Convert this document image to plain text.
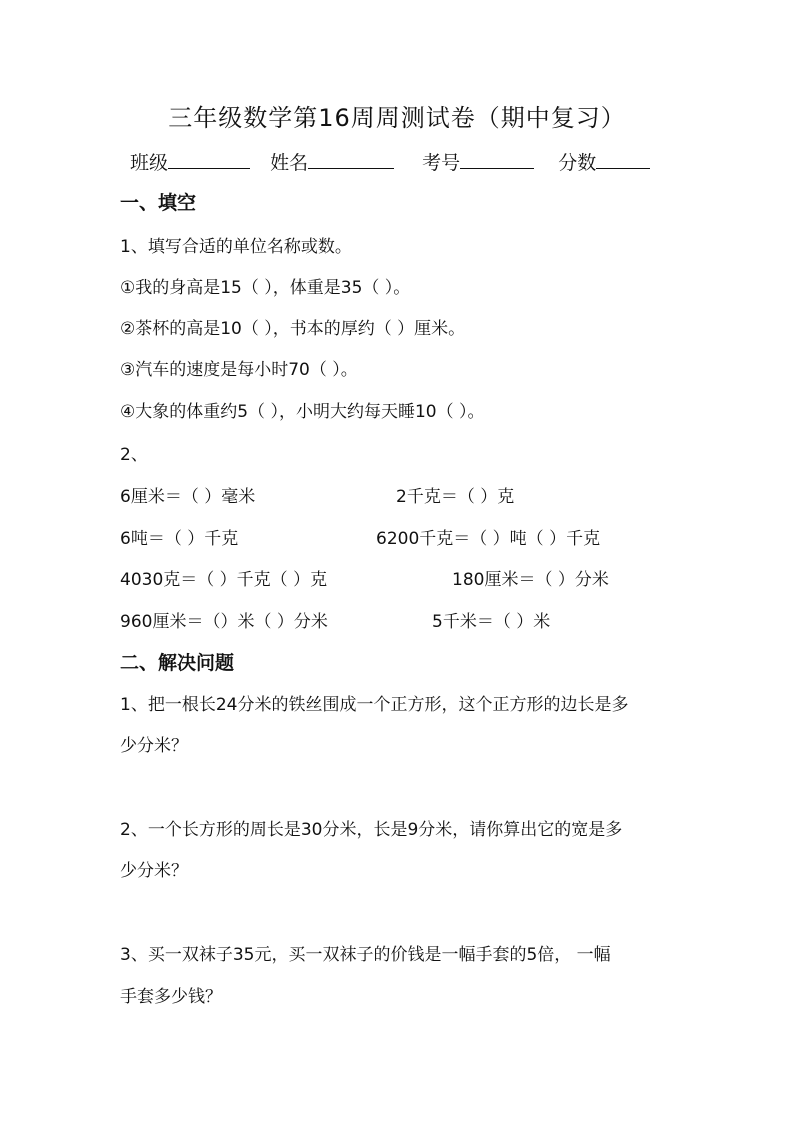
三年级数学第16周周测试卷（期中复习）
班级	姓名	考号	分数
一、填空
1、填写合适的单位名称或数。
①我的身高是15（ ），体重是35（ ）。
②茶杯的高是10（ ），书本的厚约（ ）厘米。
③汽车的速度是每小时70（ ）。
④大象的体重约5（ ），小明大约每天睡10（ ）。
2、
6厘米＝（ ）毫米	2千克＝（ ）克
6吨＝（ ）千克	6200千克＝（ ）吨（ ）千克
4030克＝（ ）千克（ ）克	180厘米＝（ ）分米
960厘米＝（）米（ ）分米	5千米＝（ ）米
二、解决问题
1、把一根长24分米的铁丝围成一个正方形，这个正方形的边长是多
少分米？
2、一个长方形的周长是30分米，长是9分米，请你算出它的宽是多
少分米？
3、买一双袜子35元，买一双袜子的价钱是一幅手套的5倍， 一幅
手套多少钱？
